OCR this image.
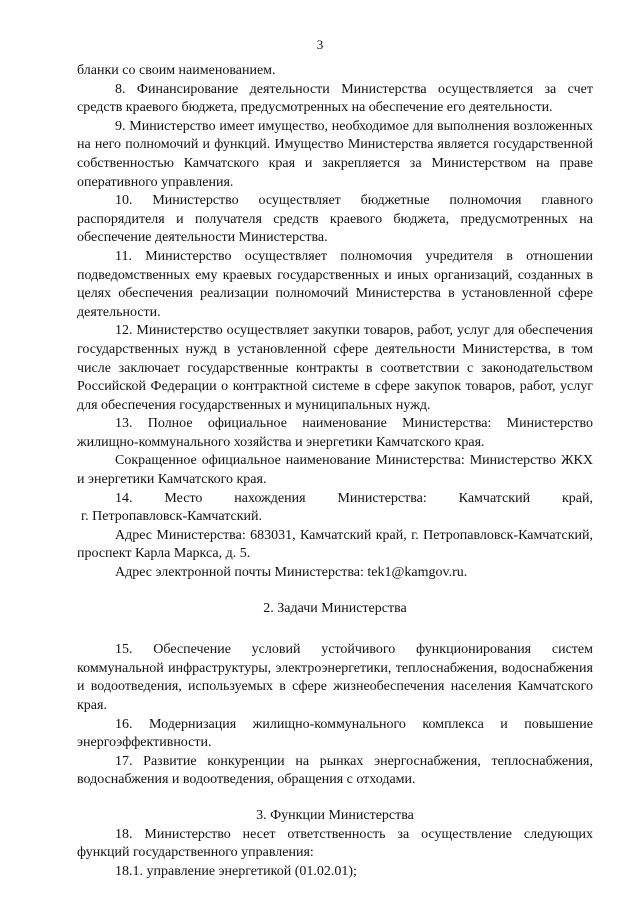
3

бланки со своим наименованием.

8. Финансирование деятельности Министерства осуществляется за счет средств краевого бюджета, предусмотренных на обеспечение его деятельности.

9. Министерство имеет имущество, необходимое для выполнения возложенных на него полномочий и функций. Имущество Министерства является государственной собственностью Камчатского края и закрепляется за Министерством на праве оперативного управления.

10. Министерство осуществляет бюджетные полномочия главного распорядителя и получателя средств краевого бюджета, предусмотренных на обеспечение деятельности Министерства.

11. Министерство осуществляет полномочия учредителя в отношении подведомственных ему краевых государственных и иных организаций, созданных в целях обеспечения реализации полномочий Министерства в установленной сфере деятельности.

12. Министерство осуществляет закупки товаров, работ, услуг для обеспечения государственных нужд в установленной сфере деятельности Министерства, в том числе заключает государственные контракты в соответствии с законодательством Российской Федерации о контрактной системе в сфере закупок товаров, работ, услуг для обеспечения государственных и муниципальных нужд.

13. Полное официальное наименование Министерства: Министерство жилищно-коммунального хозяйства и энергетики Камчатского края.

Сокращенное официальное наименование Министерства: Министерство ЖКХ и энергетики Камчатского края.

14. Место нахождения Министерства: Камчатский край,

г. Петропавловск-Камчатский.

Адрес Министерства: 683031, Камчатский край, г. Петропавловск-Камчатский, проспект Карла Маркса, д. 5.

Адрес электронной почты Министерства: tek1@kamgov.ru.

2. Задачи Министерства

15. Обеспечение условий устойчивого функционирования систем коммунальной инфраструктуры, электроэнергетики, теплоснабжения, водоснабжения и водоотведения, используемых в сфере жизнеобеспечения населения Камчатского края.

16. Модернизация жилищно-коммунального комплекса и повышение энергоэффективности.

17. Развитие конкуренции на рынках энергоснабжения, теплоснабжения, водоснабжения и водоотведения, обращения с отходами.

3. Функции Министерства

18. Министерство несет ответственность за осуществление следующих функций государственного управления:

18.1. управление энергетикой (01.02.01);
